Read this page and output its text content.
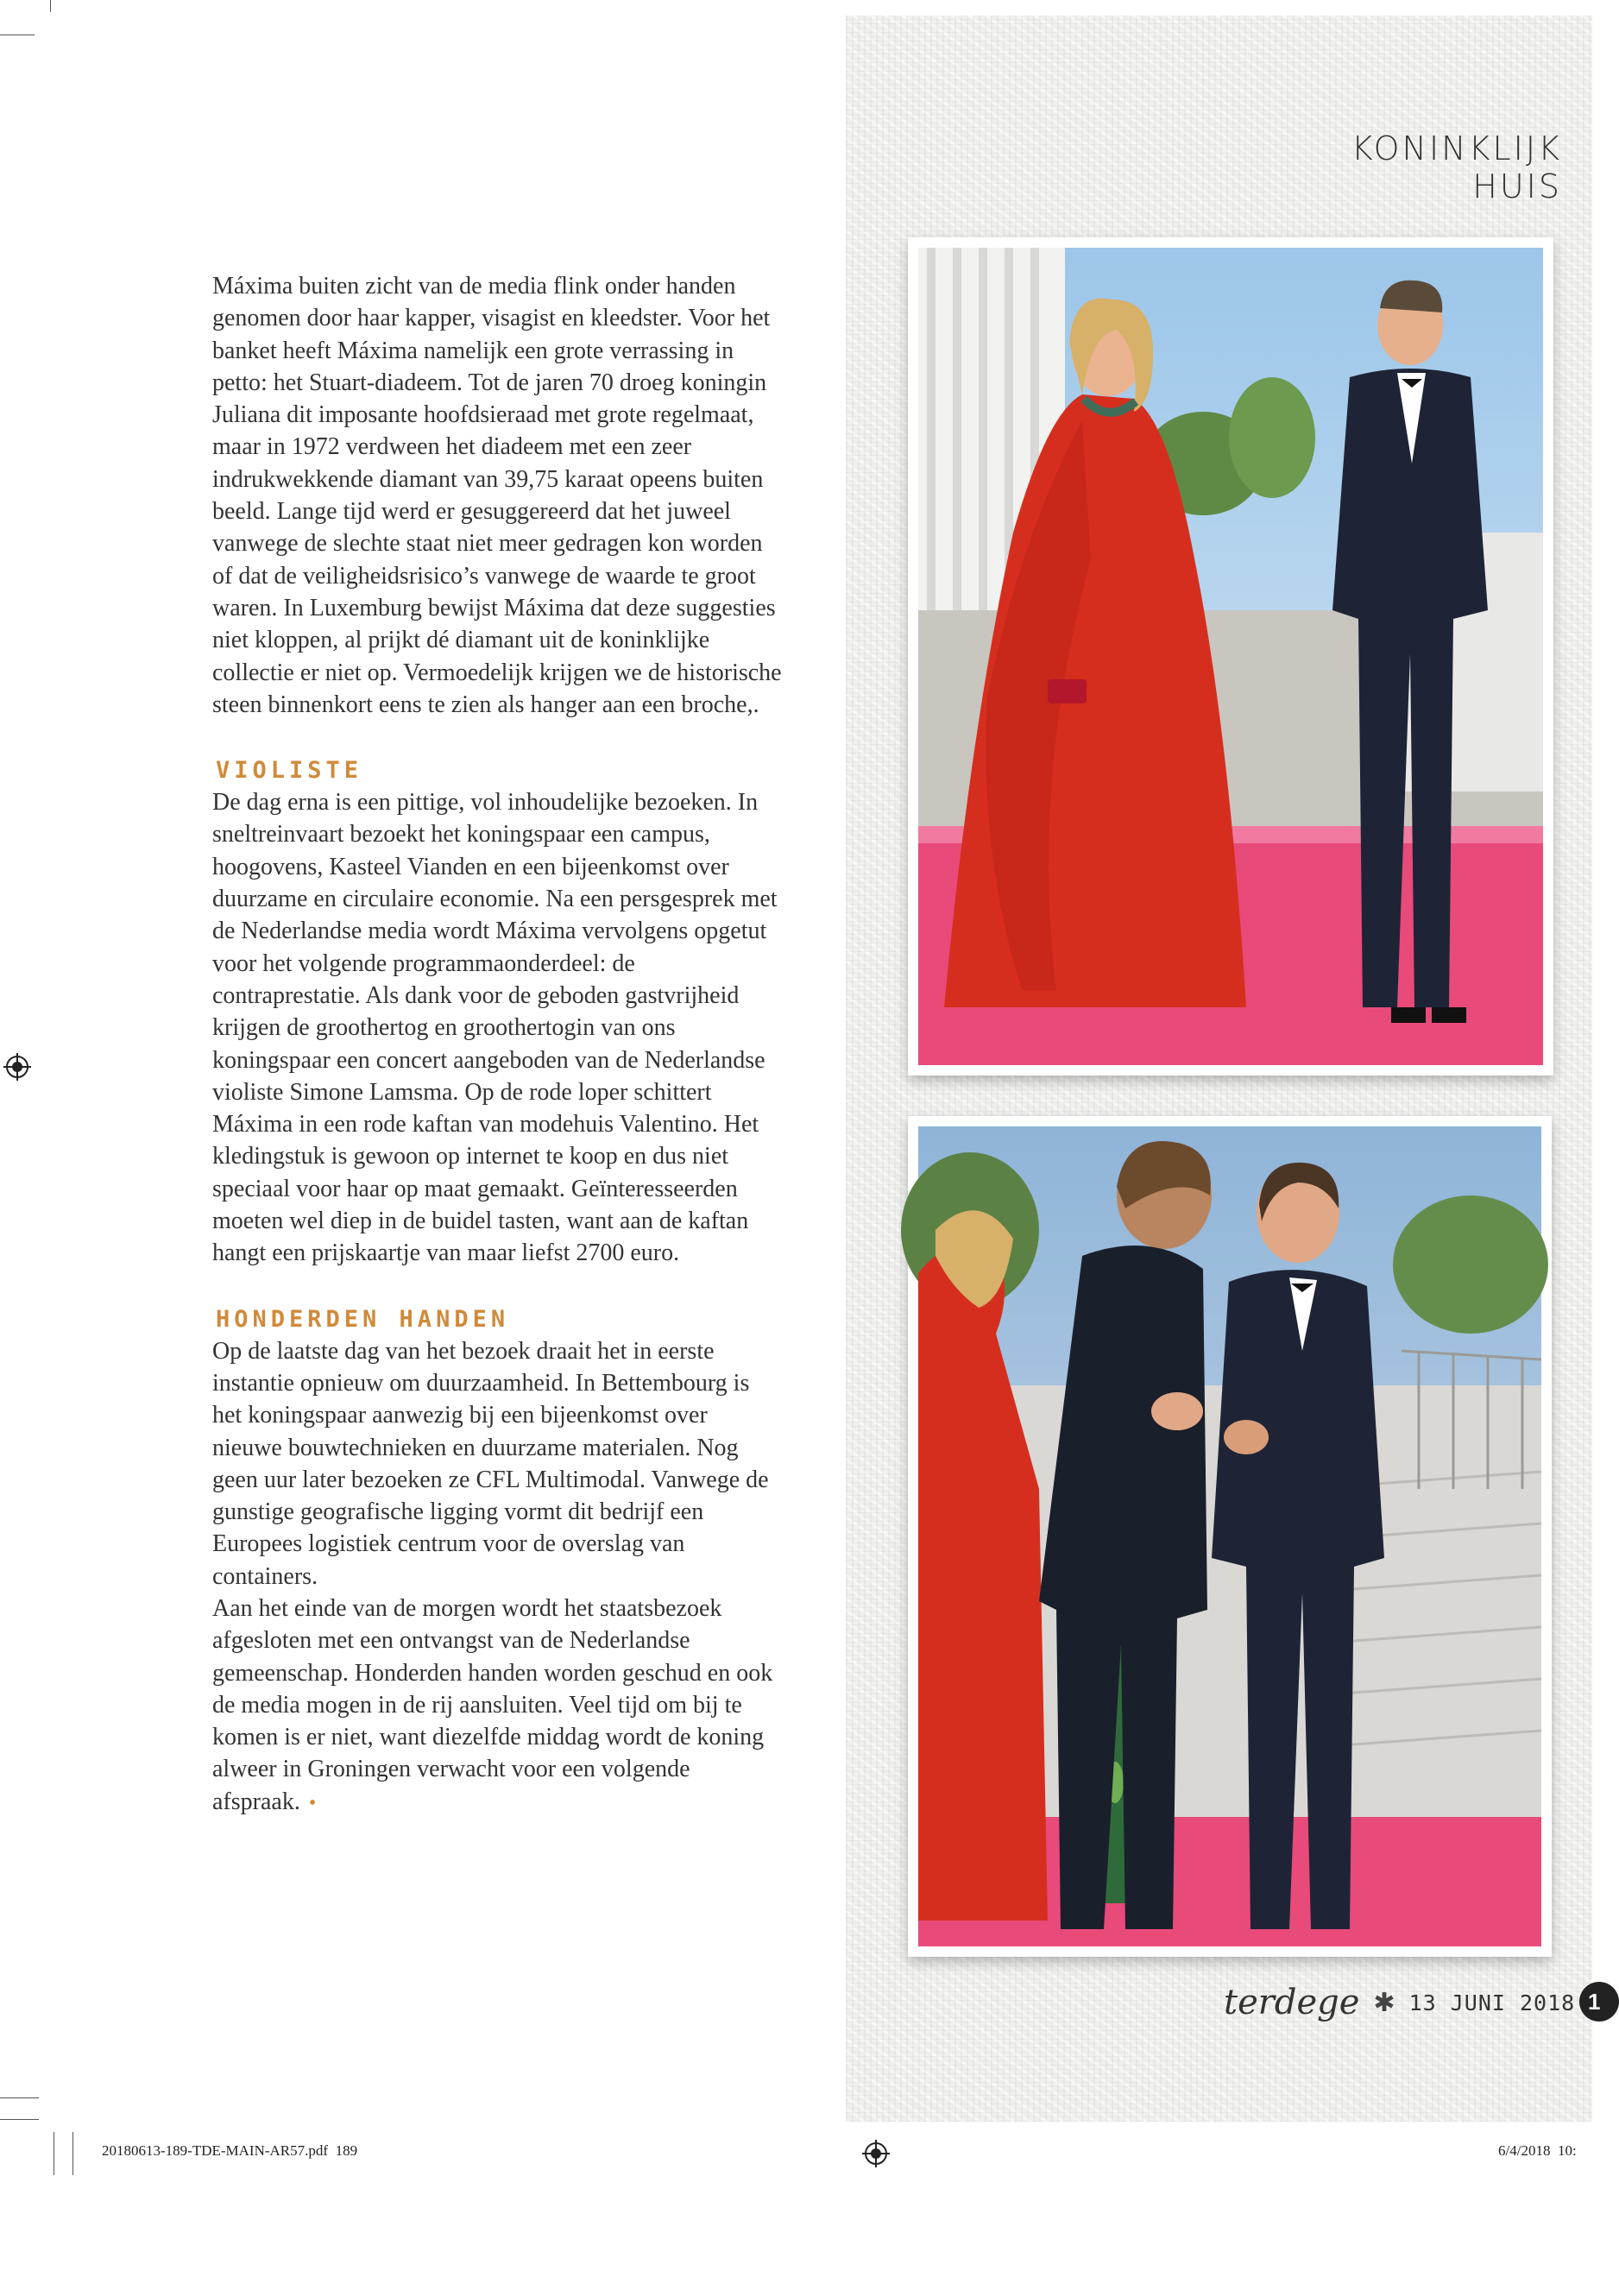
KONINKLIJK HUIS

Máxima buiten zicht van de media flink onder handen genomen door haar kapper, visagist en kleedster. Voor het banket heeft Máxima namelijk een grote verrassing in petto: het Stuart-diadeem. Tot de jaren 70 droeg koningin Juliana dit imposante hoofdsieraad met grote regelmaat, maar in 1972 verdween het diadeem met een zeer indrukwekkende diamant van 39,75 karaat opeens buiten beeld. Lange tijd werd er gesuggereerd dat het juweel vanwege de slechte staat niet meer gedragen kon worden of dat de veiligheidsrisico’s vanwege de waarde te groot waren. In Luxemburg bewijst Máxima dat deze suggesties niet kloppen, al prijkt dé diamant uit de koninklijke collectie er niet op. Vermoedelijk krijgen we de historische steen binnenkort eens te zien als hanger aan een broche,.

VIOLISTE

De dag erna is een pittige, vol inhoudelijke bezoeken. In sneltreinvaart bezoekt het koningspaar een campus, hoogovens, Kasteel Vianden en een bijeenkomst over duurzame en circulaire economie. Na een persgesprek met de Nederlandse media wordt Máxima vervolgens opgetut voor het volgende programmaonderdeel: de contraprestatie. Als dank voor de geboden gastvrijheid krijgen de groothertog en groothertogin van ons koningspaar een concert aangeboden van de Nederlandse violiste Simone Lamsma. Op de rode loper schittert Máxima in een rode kaftan van modehuis Valentino. Het kledingstuk is gewoon op internet te koop en dus niet speciaal voor haar op maat gemaakt. Geïnteresseerden moeten wel diep in de buidel tasten, want aan de kaftan hangt een prijskaartje van maar liefst 2700 euro.

HONDERDEN HANDEN

Op de laatste dag van het bezoek draait het in eerste instantie opnieuw om duurzaamheid. In Bettembourg is het koningspaar aanwezig bij een bijeenkomst over nieuwe bouwtechnieken en duurzame materialen. Nog geen uur later bezoeken ze CFL Multimodal. Vanwege de gunstige geografische ligging vormt dit bedrijf een Europees logistiek centrum voor de overslag van containers.

Aan het einde van de morgen wordt het staatsbezoek afgesloten met een ontvangst van de Nederlandse gemeenschap. Honderden handen worden geschud en ook de media mogen in de rij aansluiten. Veel tijd om bij te komen is er niet, want diezelfde middag wordt de koning alweer in Groningen verwacht voor een volgende afspraak. •

terdege ✱ 13 JUNI 2018 1
20180613-189-TDE-MAIN-AR57.pdf 189	6/4/2018 10:
